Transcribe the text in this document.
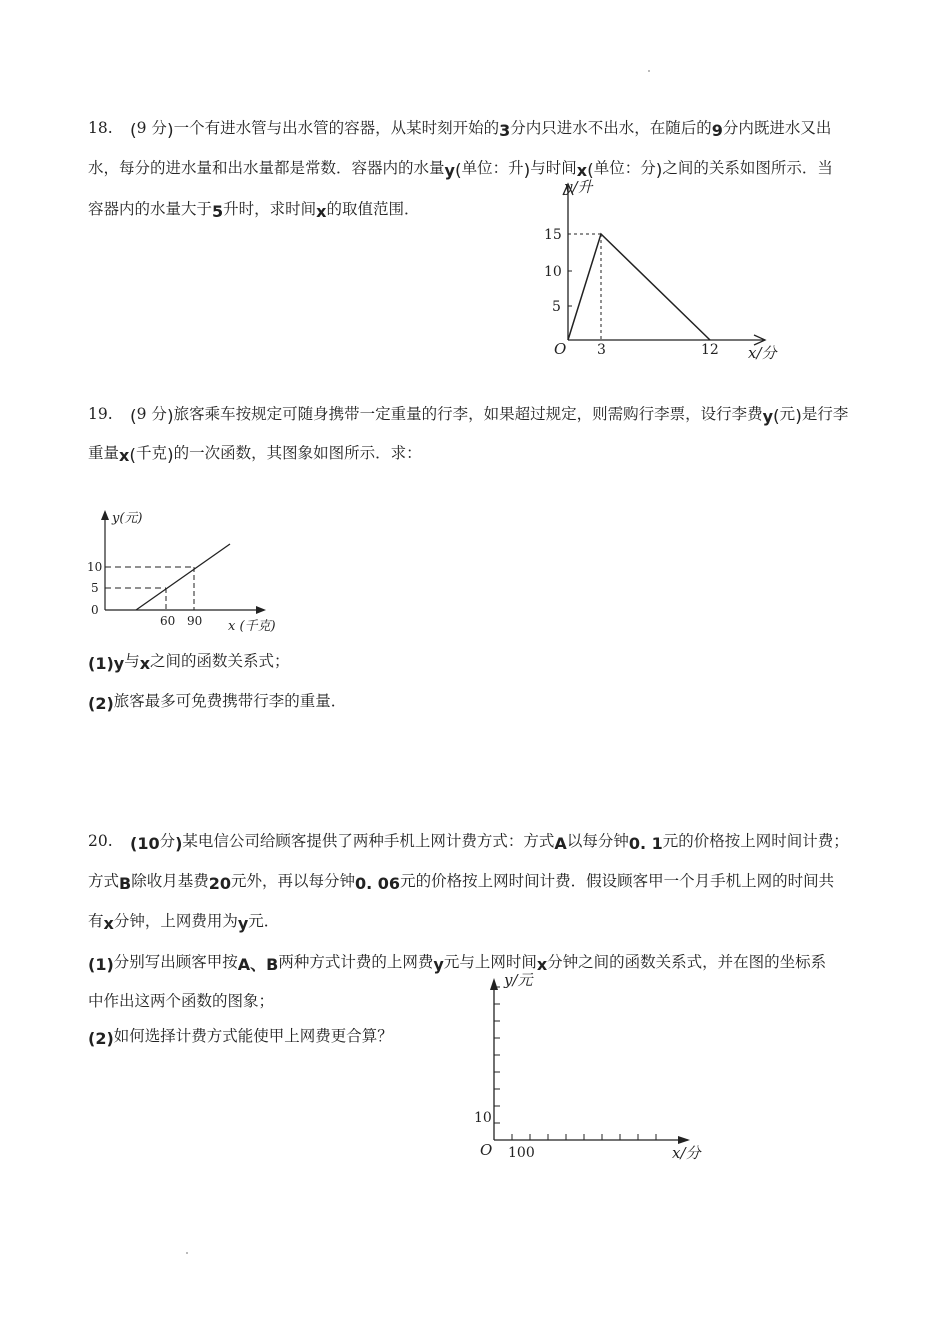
18. (9 分)一个有进水管与出水管的容器，从某时刻开始的3分内只进水不出水，在随后的9分内既进水又出
水，每分的进水量和出水量都是常数．容器内的水量y(单位：升)与时间x(单位：分)之间的关系如图所示．当
容器内的水量大于5升时，求时间x的取值范围．
y/升
x/分
O
15
10
5
3	12
19. (9 分)旅客乘车按规定可随身携带一定重量的行李，如果超过规定，则需购行李票，设行李费y(元)是行李
重量x(千克)的一次函数，其图象如图所示．求：
y(元)
x (千克)
10
5
0
60 90
(1)y与x之间的函数关系式；
(2)旅客最多可免费携带行李的重量．
20. (10分)某电信公司给顾客提供了两种手机上网计费方式：方式A以每分钟0. 1元的价格按上网时间计费；
方式B除收月基费20元外，再以每分钟0. 06元的价格按上网时间计费．假设顾客甲一个月手机上网的时间共
有x分钟，上网费用为y元．
(1)分别写出顾客甲按A、B两种方式计费的上网费y元与上网时间x分钟之间的函数关系式，并在图的坐标系
中作出这两个函数的图象；
(2)如何选择计费方式能使甲上网费更合算？
y/元
x/分
O
10
100
